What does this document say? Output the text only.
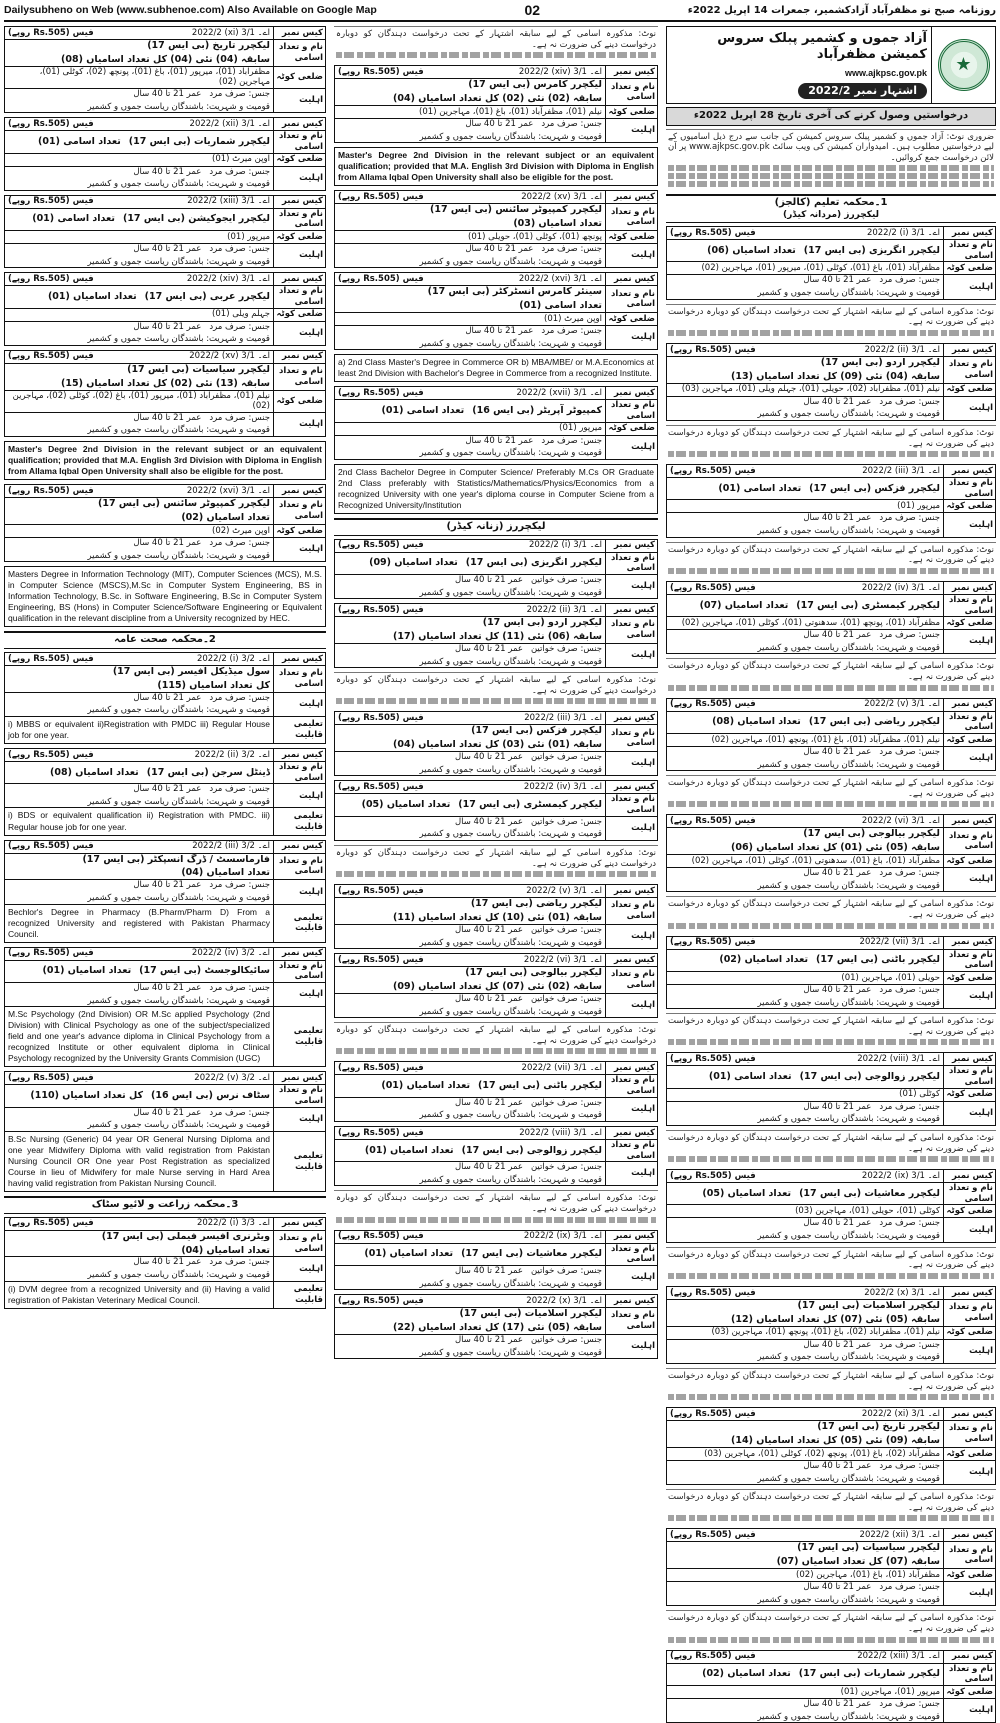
Dailysubheno on Web (www.subhenoe.com) Also Available on Google Map	02	روزنامہ صبح نو مظفرآباد آزادکشمیر، جمعرات 14 اپریل 2022ء
کیس نمبر
اے۔ 3/1 (xi) 2022/2
فیس (Rs.505 روپے)
نام و تعداد اسامی
لیکچرر تاریخ (بی ایس 17)
سابقہ (04) نئی (04) کل تعداد اسامیاں (08)
ضلعی کوٹہ
مظفرآباد (01)، میرپور (01)، باغ (01)، پونچھ (02)، کوٹلی (01)، مہاجرین (02)
اہلیت
جنس: صرف مرد
عمر 21 تا 40 سال
قومیت و شہریت: باشندگان ریاست جموں و کشمیر
کیس نمبر
اے۔ 3/1 (xii) 2022/2
فیس (Rs.505 روپے)
نام و تعداد اسامی
لیکچرر شماریات (بی ایس 17)
تعداد اسامی (01)
ضلعی کوٹہ
اوپن میرٹ (01)
اہلیت
جنس: صرف مرد
عمر 21 تا 40 سال
قومیت و شہریت: باشندگان ریاست جموں و کشمیر
کیس نمبر
اے۔ 3/1 (xiii) 2022/2
فیس (Rs.505 روپے)
نام و تعداد اسامی
لیکچرر ایجوکیشن (بی ایس 17)
تعداد اسامی (01)
ضلعی کوٹہ
میرپور (01)
اہلیت
جنس: صرف مرد
عمر 21 تا 40 سال
قومیت و شہریت: باشندگان ریاست جموں و کشمیر
کیس نمبر
اے۔ 3/1 (xiv) 2022/2
فیس (Rs.505 روپے)
نام و تعداد اسامی
لیکچرر عربی (بی ایس 17)
تعداد اسامیاں (01)
ضلعی کوٹہ
جہلم ویلی (01)
اہلیت
جنس: صرف مرد
عمر 21 تا 40 سال
قومیت و شہریت: باشندگان ریاست جموں و کشمیر
کیس نمبر
اے۔ 3/1 (xv) 2022/2
فیس (Rs.505 روپے)
نام و تعداد اسامی
لیکچرر سیاسیات (بی ایس 17)
سابقہ (13) نئی (02) کل تعداد اسامیاں (15)
ضلعی کوٹہ
نیلم (01)، مظفرآباد (01)، میرپور (01)، باغ (02)، کوٹلی (02)، مہاجرین (02)
اہلیت
جنس: صرف مرد
عمر 21 تا 40 سال
قومیت و شہریت: باشندگان ریاست جموں و کشمیر
Master's Degree 2nd Division in the relevant subject or an equivalent qualification; provided that M.A. English 3rd Division with Diploma in English from Allama Iqbal Open University shall also be eligible for the post.
کیس نمبر
اے۔ 3/1 (xvi) 2022/2
فیس (Rs.505 روپے)
نام و تعداد اسامی
لیکچرر کمپیوٹر سائنس (بی ایس 17)
تعداد اسامیاں (02)
ضلعی کوٹہ
اوپن میرٹ (02)
اہلیت
جنس: صرف مرد
عمر 21 تا 40 سال
قومیت و شہریت: باشندگان ریاست جموں و کشمیر
Masters Degree in Information Technology (MIT), Computer Sciences (MCS), M.S. in Computer Science (MSCS),M.Sc in Computer System Engineering, BS in Information Technology, B.Sc. in Software Engineering, B.Sc in Computer System Engineering, BS (Hons) in Computer Science/Software Engineering or Equivalent qualification in the relevant discipline from a University recognized by HEC.
2۔محکمہ صحت عامہ
کیس نمبر
اے۔ 3/2 (i) 2022/2
فیس (Rs.505 روپے)
نام و تعداد اسامی
سول میڈیکل آفیسر (بی ایس 17)
کل تعداد اسامیاں (115)
اہلیت
جنس: صرف مرد
عمر 21 تا 40 سال
قومیت و شہریت: باشندگان ریاست جموں و کشمیر
تعلیمی قابلیت
i) MBBS or equivalent ii)Registration with PMDC iii) Regular House job for one year.
کیس نمبر
اے۔ 3/2 (ii) 2022/2
فیس (Rs.505 روپے)
نام و تعداد اسامی
ڈینٹل سرجن (بی ایس 17)
تعداد اسامیاں (08)
اہلیت
جنس: صرف مرد
عمر 21 تا 40 سال
قومیت و شہریت: باشندگان ریاست جموں و کشمیر
تعلیمی قابلیت
i) BDS or equivalent qualification ii) Registration with PMDC. iii) Regular house job for one year.
کیس نمبر
اے۔ 3/2 (iii) 2022/2
فیس (Rs.505 روپے)
نام و تعداد اسامی
فارماسسٹ / ڈرگ انسپکٹر (بی ایس 17)
تعداد اسامیاں (04)
اہلیت
جنس: صرف مرد
عمر 21 تا 40 سال
قومیت و شہریت: باشندگان ریاست جموں و کشمیر
تعلیمی قابلیت
Bechlor's Degree in Pharmacy (B.Pharm/Pharm D) From a recognized University and registered with Pakistan Pharmacy Council.
کیس نمبر
اے۔ 3/2 (iv) 2022/2
فیس (Rs.505 روپے)
نام و تعداد اسامی
سائیکالوجسٹ (بی ایس 17)
تعداد اسامیاں (01)
اہلیت
جنس: صرف مرد
عمر 21 تا 40 سال
قومیت و شہریت: باشندگان ریاست جموں و کشمیر
تعلیمی قابلیت
M.Sc Psychology (2nd Division) OR M.Sc applied Psychology (2nd Division) with Clinical Psychology as one of the subject/specialized field and one year's advance diploma in Clinical Psychology from a recognized Institute or other equivalent diploma in Clinical Psychology recognized by the University Grants Commision (UGC)
کیس نمبر
اے۔ 3/2 (v) 2022/2
فیس (Rs.505 روپے)
نام و تعداد اسامی
سٹاف نرس (بی ایس 16)
کل تعداد اسامیاں (110)
اہلیت
جنس: صرف مرد
عمر 21 تا 40 سال
قومیت و شہریت: باشندگان ریاست جموں و کشمیر
تعلیمی قابلیت
B.Sc Nursing (Generic) 04 year OR General Nursing Diploma and one year Midwifery Diploma with valid registration from Pakistan Nursing Council OR One year Post Registration as specialized Course in lieu of Midwifery for male Nurse serving in Hard Area having valid registration from Pakistan Nursing Council.
3۔محکمہ زراعت و لائیو سٹاک
کیس نمبر
اے۔ 3/3 (i) 2022/2
فیس (Rs.505 روپے)
نام و تعداد اسامی
ویٹرنری آفیسر فیملی (بی ایس 17)
تعداد اسامیاں (04)
اہلیت
جنس: صرف مرد
عمر 21 تا 40 سال
قومیت و شہریت: باشندگان ریاست جموں و کشمیر
تعلیمی قابلیت
(i) DVM degree from a recognized University and (ii) Having a valid registration of Pakistan Veterinary Medical Council.
نوٹ: مذکورہ اسامی کے لیے سابقہ اشتہار کے تحت درخواست دہندگان کو دوبارہ درخواست دینے کی ضرورت نہ ہے۔
کیس نمبر
اے۔ 3/1 (xiv) 2022/2
فیس (Rs.505 روپے)
نام و تعداد اسامی
لیکچرر کامرس (بی ایس 17)
سابقہ (02) نئی (02) کل تعداد اسامیاں (04)
ضلعی کوٹہ
نیلم (01)، مظفرآباد (01)، باغ (01)، مہاجرین (01)
اہلیت
جنس: صرف مرد
عمر 21 تا 40 سال
قومیت و شہریت: باشندگان ریاست جموں و کشمیر
Master's Degree 2nd Division in the relevant subject or an equivalent qualification; provided that M.A. English 3rd Division with Diploma in English from Allama Iqbal Open University shall also be eligible for the post.
کیس نمبر
اے۔ 3/1 (xv) 2022/2
فیس (Rs.505 روپے)
نام و تعداد اسامی
لیکچرر کمپیوٹر سائنس (بی ایس 17)
تعداد اسامیاں (03)
ضلعی کوٹہ
پونچھ (01)، کوٹلی (01)، حویلی (01)
اہلیت
جنس: صرف مرد
عمر 21 تا 40 سال
قومیت و شہریت: باشندگان ریاست جموں و کشمیر
کیس نمبر
اے۔ 3/1 (xvi) 2022/2
فیس (Rs.505 روپے)
نام و تعداد اسامی
سینئر کامرس انسٹرکٹر (بی ایس 17)
تعداد اسامی (01)
ضلعی کوٹہ
اوپن میرٹ (01)
اہلیت
جنس: صرف مرد
عمر 21 تا 40 سال
قومیت و شہریت: باشندگان ریاست جموں و کشمیر
a) 2nd Class Master's Degree in Commerce OR b) MBA/MBE/ or M.A.Economics at least 2nd Division with Bachelor's Degree in Commerce from a recognized Institute.
کیس نمبر
اے۔ 3/1 (xvii) 2022/2
فیس (Rs.505 روپے)
نام و تعداد اسامی
کمپیوٹر آپریٹر (بی ایس 16)
تعداد اسامی (01)
ضلعی کوٹہ
میرپور (01)
اہلیت
جنس: صرف مرد
عمر 21 تا 40 سال
قومیت و شہریت: باشندگان ریاست جموں و کشمیر
2nd Class Bachelor Degree in Computer Science/ Preferably M.Cs OR Graduate 2nd Class preferably with Statistics/Mathematics/Physics/Economics from a recognized University with one year's diploma course in Computer Sciene from a Recognized University/Institution
لیکچررز (زنانہ کیڈر)
کیس نمبر
اے۔ 3/1 (i) 2022/2
فیس (Rs.505 روپے)
نام و تعداد اسامی
لیکچرر انگریزی (بی ایس 17)
تعداد اسامیاں (09)
اہلیت
جنس: صرف خواتین
عمر 21 تا 40 سال
قومیت و شہریت: باشندگان ریاست جموں و کشمیر
کیس نمبر
اے۔ 3/1 (ii) 2022/2
فیس (Rs.505 روپے)
نام و تعداد اسامی
لیکچرر اردو (بی ایس 17)
سابقہ (06) نئی (11) کل تعداد اسامیاں (17)
اہلیت
جنس: صرف خواتین
عمر 21 تا 40 سال
قومیت و شہریت: باشندگان ریاست جموں و کشمیر
نوٹ: مذکورہ اسامی کے لیے سابقہ اشتہار کے تحت درخواست دہندگان کو دوبارہ درخواست دینے کی ضرورت نہ ہے۔
کیس نمبر
اے۔ 3/1 (iii) 2022/2
فیس (Rs.505 روپے)
نام و تعداد اسامی
لیکچرر فزکس (بی ایس 17)
سابقہ (01) نئی (03) کل تعداد اسامیاں (04)
اہلیت
جنس: صرف خواتین
عمر 21 تا 40 سال
قومیت و شہریت: باشندگان ریاست جموں و کشمیر
کیس نمبر
اے۔ 3/1 (iv) 2022/2
فیس (Rs.505 روپے)
نام و تعداد اسامی
لیکچرر کیمسٹری (بی ایس 17)
تعداد اسامیاں (05)
اہلیت
جنس: صرف خواتین
عمر 21 تا 40 سال
قومیت و شہریت: باشندگان ریاست جموں و کشمیر
نوٹ: مذکورہ اسامی کے لیے سابقہ اشتہار کے تحت درخواست دہندگان کو دوبارہ درخواست دینے کی ضرورت نہ ہے۔
کیس نمبر
اے۔ 3/1 (v) 2022/2
فیس (Rs.505 روپے)
نام و تعداد اسامی
لیکچرر ریاضی (بی ایس 17)
سابقہ (01) نئی (10) کل تعداد اسامیاں (11)
اہلیت
جنس: صرف خواتین
عمر 21 تا 40 سال
قومیت و شہریت: باشندگان ریاست جموں و کشمیر
کیس نمبر
اے۔ 3/1 (vi) 2022/2
فیس (Rs.505 روپے)
نام و تعداد اسامی
لیکچرر بیالوجی (بی ایس 17)
سابقہ (02) نئی (07) کل تعداد اسامیاں (09)
اہلیت
جنس: صرف خواتین
عمر 21 تا 40 سال
قومیت و شہریت: باشندگان ریاست جموں و کشمیر
نوٹ: مذکورہ اسامی کے لیے سابقہ اشتہار کے تحت درخواست دہندگان کو دوبارہ درخواست دینے کی ضرورت نہ ہے۔
کیس نمبر
اے۔ 3/1 (vii) 2022/2
فیس (Rs.505 روپے)
نام و تعداد اسامی
لیکچرر باٹنی (بی ایس 17)
تعداد اسامیاں (01)
اہلیت
جنس: صرف خواتین
عمر 21 تا 40 سال
قومیت و شہریت: باشندگان ریاست جموں و کشمیر
کیس نمبر
اے۔ 3/1 (viii) 2022/2
فیس (Rs.505 روپے)
نام و تعداد اسامی
لیکچرر زوالوجی (بی ایس 17)
تعداد اسامیاں (01)
اہلیت
جنس: صرف خواتین
عمر 21 تا 40 سال
قومیت و شہریت: باشندگان ریاست جموں و کشمیر
نوٹ: مذکورہ اسامی کے لیے سابقہ اشتہار کے تحت درخواست دہندگان کو دوبارہ درخواست دینے کی ضرورت نہ ہے۔
کیس نمبر
اے۔ 3/1 (ix) 2022/2
فیس (Rs.505 روپے)
نام و تعداد اسامی
لیکچرر معاشیات (بی ایس 17)
تعداد اسامیاں (01)
اہلیت
جنس: صرف خواتین
عمر 21 تا 40 سال
قومیت و شہریت: باشندگان ریاست جموں و کشمیر
کیس نمبر
اے۔ 3/1 (x) 2022/2
فیس (Rs.505 روپے)
نام و تعداد اسامی
لیکچرر اسلامیات (بی ایس 17)
سابقہ (05) نئی (17) کل تعداد اسامیاں (22)
اہلیت
جنس: صرف خواتین
عمر 21 تا 40 سال
قومیت و شہریت: باشندگان ریاست جموں و کشمیر
آزاد جموں و کشمیر پبلک سروس کمیشن مظفرآباد
www.ajkpsc.gov.pk
اشتہار نمبر 2022/2
★
درخواستیں وصول کرنے کی آخری تاریخ 28 اپریل 2022ء
ضروری نوٹ: آزاد جموں و کشمیر پبلک سروس کمیشن کی جانب سے درج ذیل اسامیوں کے لیے درخواستیں مطلوب ہیں۔ امیدواران کمیشن کی ویب سائٹ www.ajkpsc.gov.pk پر آن لائن درخواست جمع کروائیں۔
1۔محکمہ تعلیم (کالجز)
لیکچررز (مردانہ کیڈر)
کیس نمبر
اے۔ 3/1 (i) 2022/2
فیس (Rs.505 روپے)
نام و تعداد اسامی
لیکچرر انگریزی (بی ایس 17)
تعداد اسامیاں (06)
ضلعی کوٹہ
مظفرآباد (01)، باغ (01)، کوٹلی (01)، میرپور (01)، مہاجرین (02)
اہلیت
جنس: صرف مرد
عمر 21 تا 40 سال
قومیت و شہریت: باشندگان ریاست جموں و کشمیر
نوٹ: مذکورہ اسامی کے لیے سابقہ اشتہار کے تحت درخواست دہندگان کو دوبارہ درخواست دینے کی ضرورت نہ ہے۔
کیس نمبر
اے۔ 3/1 (ii) 2022/2
فیس (Rs.505 روپے)
نام و تعداد اسامی
لیکچرر اردو (بی ایس 17)
سابقہ (04) نئی (09) کل تعداد اسامیاں (13)
ضلعی کوٹہ
نیلم (01)، مظفرآباد (02)، حویلی (01)، جہلم ویلی (01)، مہاجرین (03)
اہلیت
جنس: صرف مرد
عمر 21 تا 40 سال
قومیت و شہریت: باشندگان ریاست جموں و کشمیر
نوٹ: مذکورہ اسامی کے لیے سابقہ اشتہار کے تحت درخواست دہندگان کو دوبارہ درخواست دینے کی ضرورت نہ ہے۔
کیس نمبر
اے۔ 3/1 (iii) 2022/2
فیس (Rs.505 روپے)
نام و تعداد اسامی
لیکچرر فزکس (بی ایس 17)
تعداد اسامی (01)
ضلعی کوٹہ
میرپور (01)
اہلیت
جنس: صرف مرد
عمر 21 تا 40 سال
قومیت و شہریت: باشندگان ریاست جموں و کشمیر
نوٹ: مذکورہ اسامی کے لیے سابقہ اشتہار کے تحت درخواست دہندگان کو دوبارہ درخواست دینے کی ضرورت نہ ہے۔
کیس نمبر
اے۔ 3/1 (iv) 2022/2
فیس (Rs.505 روپے)
نام و تعداد اسامی
لیکچرر کیمسٹری (بی ایس 17)
تعداد اسامیاں (07)
ضلعی کوٹہ
مظفرآباد (01)، پونچھ (01)، سدھنوتی (01)، کوٹلی (01)، مہاجرین (02)
اہلیت
جنس: صرف مرد
عمر 21 تا 40 سال
قومیت و شہریت: باشندگان ریاست جموں و کشمیر
نوٹ: مذکورہ اسامی کے لیے سابقہ اشتہار کے تحت درخواست دہندگان کو دوبارہ درخواست دینے کی ضرورت نہ ہے۔
کیس نمبر
اے۔ 3/1 (v) 2022/2
فیس (Rs.505 روپے)
نام و تعداد اسامی
لیکچرر ریاضی (بی ایس 17)
تعداد اسامیاں (08)
ضلعی کوٹہ
نیلم (01)، مظفرآباد (01)، باغ (01)، پونچھ (01)، مہاجرین (02)
اہلیت
جنس: صرف مرد
عمر 21 تا 40 سال
قومیت و شہریت: باشندگان ریاست جموں و کشمیر
نوٹ: مذکورہ اسامی کے لیے سابقہ اشتہار کے تحت درخواست دہندگان کو دوبارہ درخواست دینے کی ضرورت نہ ہے۔
کیس نمبر
اے۔ 3/1 (vi) 2022/2
فیس (Rs.505 روپے)
نام و تعداد اسامی
لیکچرر بیالوجی (بی ایس 17)
سابقہ (05) نئی (01) کل تعداد اسامیاں (06)
ضلعی کوٹہ
مظفرآباد (01)، باغ (01)، سدھنوتی (01)، کوٹلی (01)، مہاجرین (02)
اہلیت
جنس: صرف مرد
عمر 21 تا 40 سال
قومیت و شہریت: باشندگان ریاست جموں و کشمیر
نوٹ: مذکورہ اسامی کے لیے سابقہ اشتہار کے تحت درخواست دہندگان کو دوبارہ درخواست دینے کی ضرورت نہ ہے۔
کیس نمبر
اے۔ 3/1 (vii) 2022/2
فیس (Rs.505 روپے)
نام و تعداد اسامی
لیکچرر باٹنی (بی ایس 17)
تعداد اسامیاں (02)
ضلعی کوٹہ
حویلی (01)، مہاجرین (01)
اہلیت
جنس: صرف مرد
عمر 21 تا 40 سال
قومیت و شہریت: باشندگان ریاست جموں و کشمیر
نوٹ: مذکورہ اسامی کے لیے سابقہ اشتہار کے تحت درخواست دہندگان کو دوبارہ درخواست دینے کی ضرورت نہ ہے۔
کیس نمبر
اے۔ 3/1 (viii) 2022/2
فیس (Rs.505 روپے)
نام و تعداد اسامی
لیکچرر زوالوجی (بی ایس 17)
تعداد اسامی (01)
ضلعی کوٹہ
کوٹلی (01)
اہلیت
جنس: صرف مرد
عمر 21 تا 40 سال
قومیت و شہریت: باشندگان ریاست جموں و کشمیر
نوٹ: مذکورہ اسامی کے لیے سابقہ اشتہار کے تحت درخواست دہندگان کو دوبارہ درخواست دینے کی ضرورت نہ ہے۔
کیس نمبر
اے۔ 3/1 (ix) 2022/2
فیس (Rs.505 روپے)
نام و تعداد اسامی
لیکچرر معاشیات (بی ایس 17)
تعداد اسامیاں (05)
ضلعی کوٹہ
کوٹلی (01)، حویلی (01)، مہاجرین (03)
اہلیت
جنس: صرف مرد
عمر 21 تا 40 سال
قومیت و شہریت: باشندگان ریاست جموں و کشمیر
نوٹ: مذکورہ اسامی کے لیے سابقہ اشتہار کے تحت درخواست دہندگان کو دوبارہ درخواست دینے کی ضرورت نہ ہے۔
کیس نمبر
اے۔ 3/1 (x) 2022/2
فیس (Rs.505 روپے)
نام و تعداد اسامی
لیکچرر اسلامیات (بی ایس 17)
سابقہ (05) نئی (07) کل تعداد اسامیاں (12)
ضلعی کوٹہ
نیلم (01)، مظفرآباد (02)، باغ (01)، پونچھ (01)، مہاجرین (03)
اہلیت
جنس: صرف مرد
عمر 21 تا 40 سال
قومیت و شہریت: باشندگان ریاست جموں و کشمیر
نوٹ: مذکورہ اسامی کے لیے سابقہ اشتہار کے تحت درخواست دہندگان کو دوبارہ درخواست دینے کی ضرورت نہ ہے۔
کیس نمبر
اے۔ 3/1 (xi) 2022/2
فیس (Rs.505 روپے)
نام و تعداد اسامی
لیکچرر تاریخ (بی ایس 17)
سابقہ (09) نئی (05) کل تعداد اسامیاں (14)
ضلعی کوٹہ
مظفرآباد (02)، باغ (01)، پونچھ (02)، کوٹلی (01)، مہاجرین (03)
اہلیت
جنس: صرف مرد
عمر 21 تا 40 سال
قومیت و شہریت: باشندگان ریاست جموں و کشمیر
نوٹ: مذکورہ اسامی کے لیے سابقہ اشتہار کے تحت درخواست دہندگان کو دوبارہ درخواست دینے کی ضرورت نہ ہے۔
کیس نمبر
اے۔ 3/1 (xii) 2022/2
فیس (Rs.505 روپے)
نام و تعداد اسامی
لیکچرر سیاسیات (بی ایس 17)
سابقہ (07) کل تعداد اسامیاں (07)
ضلعی کوٹہ
مظفرآباد (01)، باغ (01)، مہاجرین (02)
اہلیت
جنس: صرف مرد
عمر 21 تا 40 سال
قومیت و شہریت: باشندگان ریاست جموں و کشمیر
نوٹ: مذکورہ اسامی کے لیے سابقہ اشتہار کے تحت درخواست دہندگان کو دوبارہ درخواست دینے کی ضرورت نہ ہے۔
کیس نمبر
اے۔ 3/1 (xiii) 2022/2
فیس (Rs.505 روپے)
نام و تعداد اسامی
لیکچرر شماریات (بی ایس 17)
تعداد اسامیاں (02)
ضلعی کوٹہ
میرپور (01)، مہاجرین (01)
اہلیت
جنس: صرف مرد
عمر 21 تا 40 سال
قومیت و شہریت: باشندگان ریاست جموں و کشمیر
